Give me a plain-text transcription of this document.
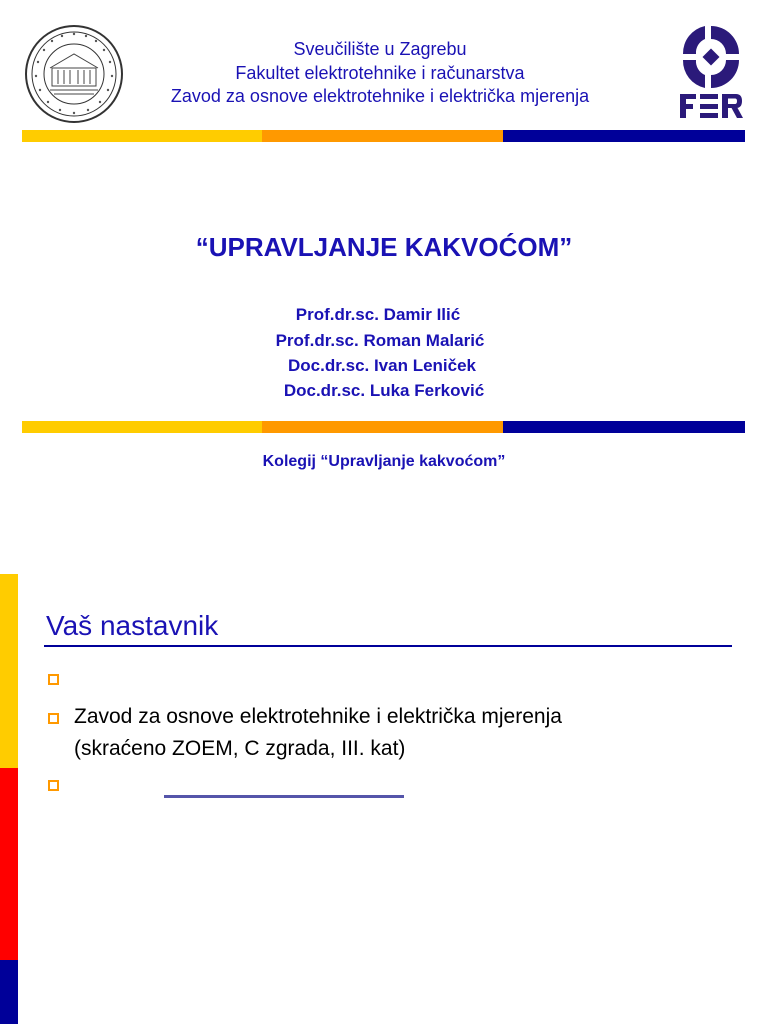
Sveučilište u Zagrebu
Fakultet elektrotehnike i računarstva
Zavod za osnove elektrotehnike i električka mjerenja
FER
“UPRAVLJANJE KAKVOĆOM”
Prof.dr.sc. Damir Ilić
Prof.dr.sc. Roman Malarić
Doc.dr.sc. Ivan Leniček
Doc.dr.sc. Luka Ferković
Kolegij “Upravljanje kakvoćom”
Vaš nastavnik
Zavod za osnove elektrotehnike i električka mjerenja
(skraćeno ZOEM, C zgrada, III. kat)
